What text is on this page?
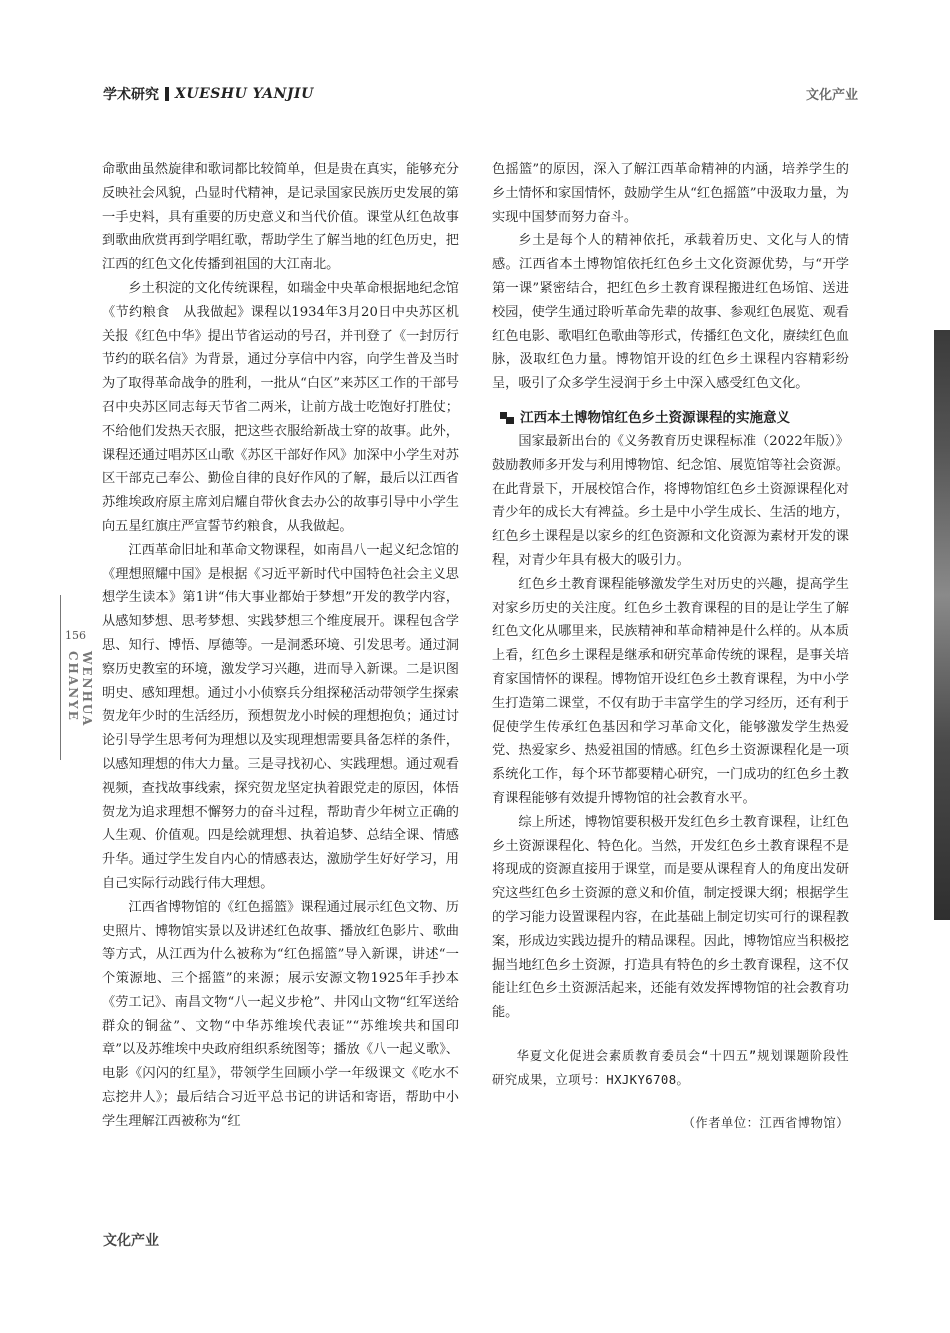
学术研究 XUESHU YANJIU	文化产业
156
WENHUA CHANYE

命歌曲虽然旋律和歌词都比较简单，但是贵在真实，能够充分反映社会风貌，凸显时代精神，是记录国家民族历史发展的第一手史料，具有重要的历史意义和当代价值。课堂从红色故事到歌曲欣赏再到学唱红歌，帮助学生了解当地的红色历史，把江西的红色文化传播到祖国的大江南北。

乡土积淀的文化传统课程，如瑞金中央革命根据地纪念馆《节约粮食　从我做起》课程以1934年3月20日中央苏区机关报《红色中华》提出节省运动的号召，并刊登了《一封厉行节约的联名信》为背景，通过分享信中内容，向学生普及当时为了取得革命战争的胜利，一批从“白区”来苏区工作的干部号召中央苏区同志每天节省二两米，让前方战士吃饱好打胜仗；不给他们发热天衣服，把这些衣服给新战士穿的故事。此外，课程还通过唱苏区山歌《苏区干部好作风》加深中小学生对苏区干部克己奉公、勤俭自律的良好作风的了解，最后以江西省苏维埃政府原主席刘启耀自带伙食去办公的故事引导中小学生向五星红旗庄严宣誓节约粮食，从我做起。

江西革命旧址和革命文物课程，如南昌八一起义纪念馆的《理想照耀中国》是根据《习近平新时代中国特色社会主义思想学生读本》第1讲“伟大事业都始于梦想”开发的教学内容，从感知梦想、思考梦想、实践梦想三个维度展开。课程包含学思、知行、博悟、厚德等。一是洞悉环境、引发思考。通过洞察历史教室的环境，激发学习兴趣，进而导入新课。二是识图明史、感知理想。通过小小侦察兵分组探秘活动带领学生探索贺龙年少时的生活经历，预想贺龙小时候的理想抱负；通过讨论引导学生思考何为理想以及实现理想需要具备怎样的条件，以感知理想的伟大力量。三是寻找初心、实践理想。通过观看视频，查找故事线索，探究贺龙坚定执着跟党走的原因，体悟贺龙为追求理想不懈努力的奋斗过程，帮助青少年树立正确的人生观、价值观。四是绘就理想、执着追梦、总结全课、情感升华。通过学生发自内心的情感表达，激励学生好好学习，用自己实际行动践行伟大理想。

江西省博物馆的《红色摇篮》课程通过展示红色文物、历史照片、博物馆实景以及讲述红色故事、播放红色影片、歌曲等方式，从江西为什么被称为“红色摇篮”导入新课，讲述“一个策源地、三个摇篮”的来源；展示安源文物1925年手抄本《劳工记》、南昌文物“八一起义步枪”、井冈山文物“红军送给群众的铜盆”、文物“中华苏维埃代表证”“苏维埃共和国印章”以及苏维埃中央政府组织系统图等；播放《八一起义歌》、电影《闪闪的红星》，带领学生回顾小学一年级课文《吃水不忘挖井人》；最后结合习近平总书记的讲话和寄语，帮助中小学生理解江西被称为“红

色摇篮”的原因，深入了解江西革命精神的内涵，培养学生的乡土情怀和家国情怀，鼓励学生从“红色摇篮”中汲取力量，为实现中国梦而努力奋斗。

乡土是每个人的精神依托，承载着历史、文化与人的情感。江西省本土博物馆依托红色乡土文化资源优势，与“开学第一课”紧密结合，把红色乡土教育课程搬进红色场馆、送进校园，使学生通过聆听革命先辈的故事、参观红色展览、观看红色电影、歌唱红色歌曲等形式，传播红色文化，赓续红色血脉，汲取红色力量。博物馆开设的红色乡土课程内容精彩纷呈，吸引了众多学生浸润于乡土中深入感受红色文化。

江西本土博物馆红色乡土资源课程的实施意义

国家最新出台的《义务教育历史课程标准（2022年版）》鼓励教师多开发与利用博物馆、纪念馆、展览馆等社会资源。在此背景下，开展校馆合作，将博物馆红色乡土资源课程化对青少年的成长大有裨益。乡土是中小学生成长、生活的地方，红色乡土课程是以家乡的红色资源和文化资源为素材开发的课程，对青少年具有极大的吸引力。

红色乡土教育课程能够激发学生对历史的兴趣，提高学生对家乡历史的关注度。红色乡土教育课程的目的是让学生了解红色文化从哪里来，民族精神和革命精神是什么样的。从本质上看，红色乡土课程是继承和研究革命传统的课程，是事关培育家国情怀的课程。博物馆开设红色乡土教育课程，为中小学生打造第二课堂，不仅有助于丰富学生的学习经历，还有利于促使学生传承红色基因和学习革命文化，能够激发学生热爱党、热爱家乡、热爱祖国的情感。红色乡土资源课程化是一项系统化工作，每个环节都要精心研究，一门成功的红色乡土教育课程能够有效提升博物馆的社会教育水平。

综上所述，博物馆要积极开发红色乡土教育课程，让红色乡土资源课程化、特色化。当然，开发红色乡土教育课程不是将现成的资源直接用于课堂，而是要从课程育人的角度出发研究这些红色乡土资源的意义和价值，制定授课大纲；根据学生的学习能力设置课程内容，在此基础上制定切实可行的课程教案，形成边实践边提升的精品课程。因此，博物馆应当积极挖掘当地红色乡土资源，打造具有特色的乡土教育课程，这不仅能让红色乡土资源活起来，还能有效发挥博物馆的社会教育功能。

华夏文化促进会素质教育委员会“十四五”规划课题阶段性研究成果，立项号：HXJKY6708。

（作者单位：江西省博物馆）

文化产业
